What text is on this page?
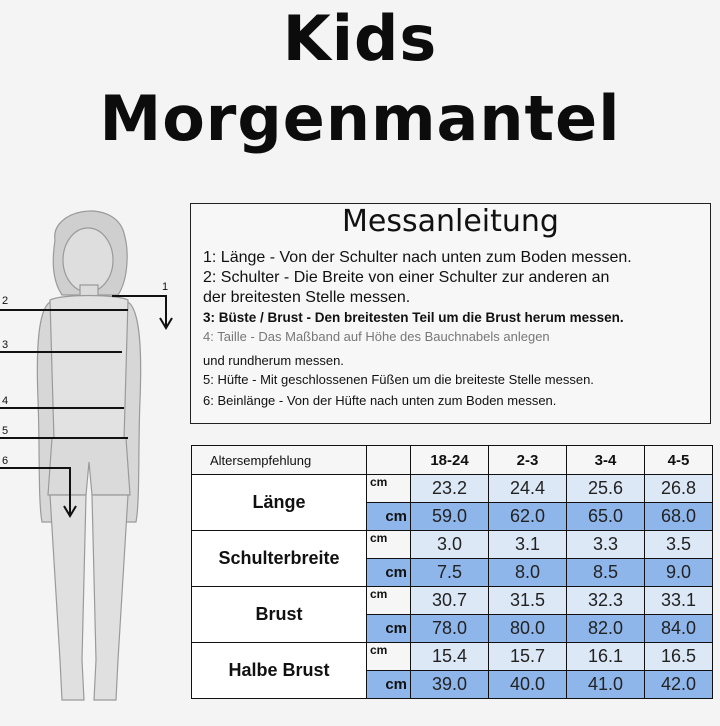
Kids
Morgenmantel
1
2
3
4
5
6
Messanleitung
1: Länge - Von der Schulter nach unten zum Boden messen.
2: Schulter - Die Breite von einer Schulter zur anderen an
der breitesten Stelle messen.
3: Büste / Brust - Den breitesten Teil um die Brust herum messen.
4: Taille - Das Maßband auf Höhe des Bauchnabels anlegen
und rundherum messen.
5: Hüfte - Mit geschlossenen Füßen um die breiteste Stelle messen.
6: Beinlänge - Von der Hüfte nach unten zum Boden messen.
Altersempfehlung		18-24	2-3	3-4	4-5
Länge	cm	23.2	24.4	25.6	26.8
	cm	59.0	62.0	65.0	68.0
Schulterbreite	cm	3.0	3.1	3.3	3.5
	cm	7.5	8.0	8.5	9.0
Brust	cm	30.7	31.5	32.3	33.1
	cm	78.0	80.0	82.0	84.0
Halbe Brust	cm	15.4	15.7	16.1	16.5
	cm	39.0	40.0	41.0	42.0
